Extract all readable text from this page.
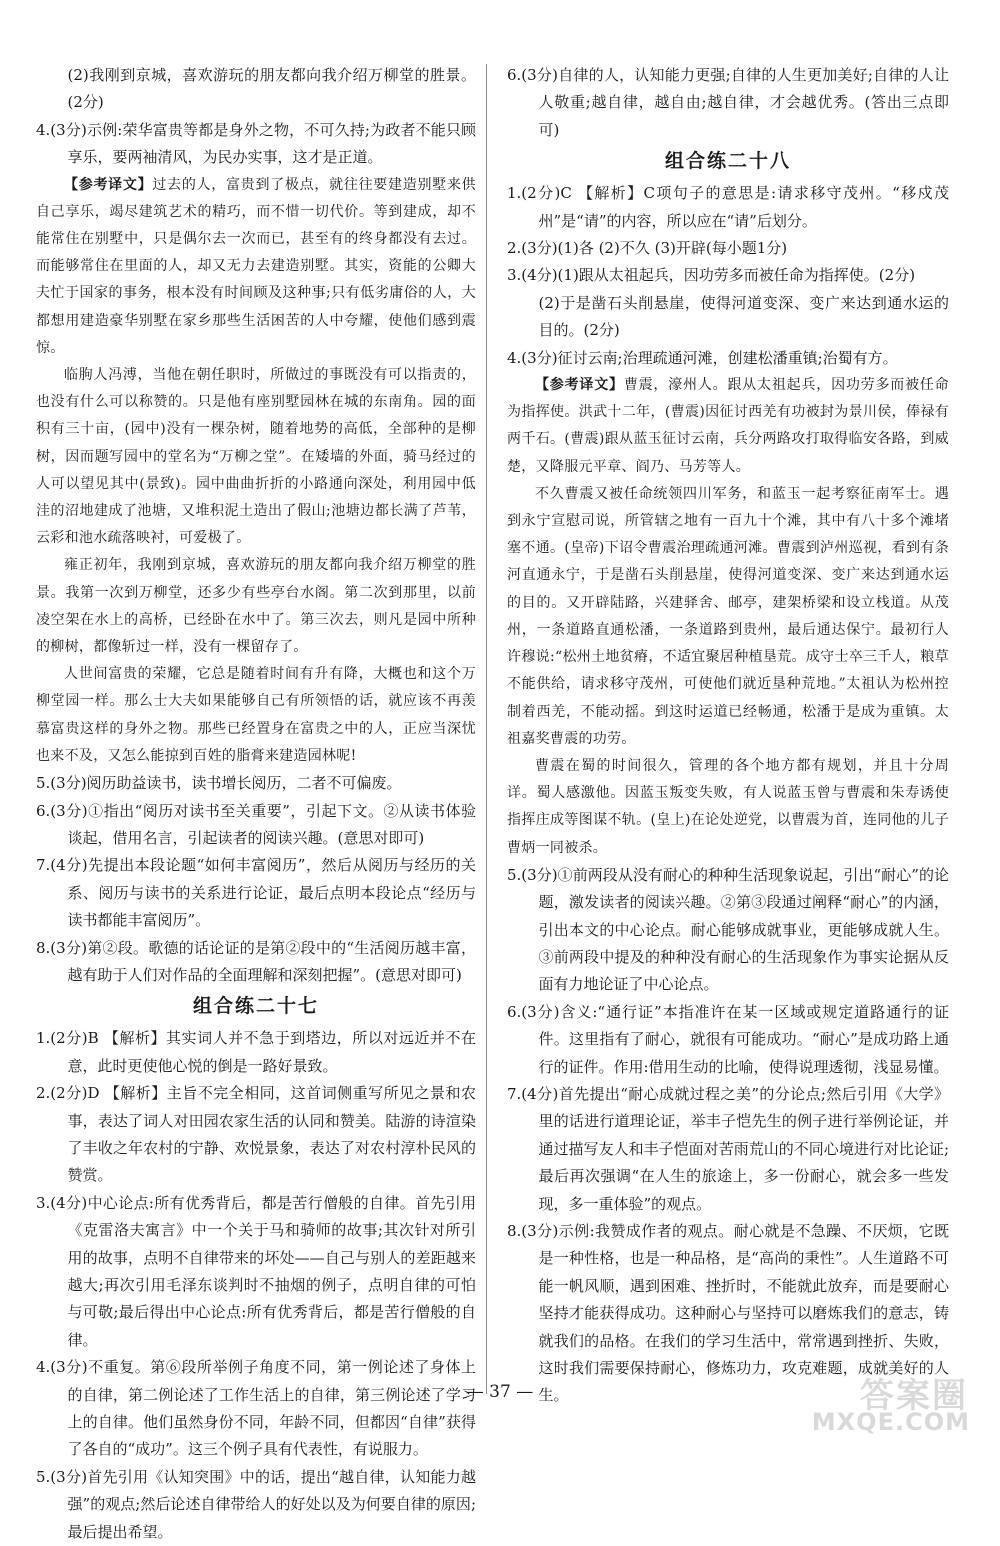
(2)我刚到京城，喜欢游玩的朋友都向我介绍万柳堂的胜景。(2分)

4.(3分)示例:荣华富贵等都是身外之物，不可久持;为政者不能只顾享乐，要两袖清风，为民办实事，这才是正道。

【参考译文】过去的人，富贵到了极点，就往往要建造别墅来供自己享乐，竭尽建筑艺术的精巧，而不惜一切代价。等到建成，却不能常住在别墅中，只是偶尔去一次而已，甚至有的终身都没有去过。而能够常住在里面的人，却又无力去建造别墅。其实，资能的公卿大夫忙于国家的事务，根本没有时间顾及这种事;只有低劣庸俗的人，大都想用建造豪华别墅在家乡那些生活困苦的人中夸耀，使他们感到震惊。

临朐人冯溥，当他在朝任职时，所做过的事既没有可以指责的，也没有什么可以称赞的。只是他有座别墅园林在城的东南角。园的面积有三十亩，(园中)没有一棵杂树，随着地势的高低，全部种的是柳树，因而题写园中的堂名为“万柳之堂”。在矮墙的外面，骑马经过的人可以望见其中(景致)。园中曲曲折折的小路通向深处，利用园中低洼的沼地建成了池塘，又堆积泥土造出了假山;池塘边都长满了芦苇，云彩和池水疏落映衬，可爱极了。

雍正初年，我刚到京城，喜欢游玩的朋友都向我介绍万柳堂的胜景。我第一次到万柳堂，还多少有些亭台水阁。第二次到那里，以前凌空架在水上的高桥，已经卧在水中了。第三次去，则凡是园中所种的柳树，都像斩过一样，没有一棵留存了。

人世间富贵的荣耀，它总是随着时间有升有降，大概也和这个万柳堂园一样。那么士大夫如果能够自己有所领悟的话，就应该不再羡慕富贵这样的身外之物。那些已经置身在富贵之中的人，正应当深忧也来不及，又怎么能掠到百姓的脂膏来建造园林呢!

5.(3分)阅历助益读书，读书增长阅历，二者不可偏废。

6.(3分)①指出“阅历对读书至关重要”，引起下文。②从读书体验谈起，借用名言，引起读者的阅读兴趣。(意思对即可)

7.(4分)先提出本段论题“如何丰富阅历”，然后从阅历与经历的关系、阅历与读书的关系进行论证，最后点明本段论点“经历与读书都能丰富阅历”。

8.(3分)第②段。歌德的话论证的是第②段中的“生活阅历越丰富，越有助于人们对作品的全面理解和深刻把握”。(意思对即可)

组合练二十七

1.(2分)B 【解析】其实词人并不急于到塔边，所以对远近并不在意，此时更使他心悦的倒是一路好景致。

2.(2分)D 【解析】主旨不完全相同，这首词侧重写所见之景和农事，表达了词人对田园农家生活的认同和赞美。陆游的诗渲染了丰收之年农村的宁静、欢悦景象，表达了对农村淳朴民风的赞赏。

3.(4分)中心论点:所有优秀背后，都是苦行僧般的自律。首先引用《克雷洛夫寓言》中一个关于马和骑师的故事;其次针对所引用的故事，点明不自律带来的坏处——自己与别人的差距越来越大;再次引用毛泽东谈判时不抽烟的例子，点明自律的可怕与可敬;最后得出中心论点:所有优秀背后，都是苦行僧般的自律。

4.(3分)不重复。第⑥段所举例子角度不同，第一例论述了身体上的自律，第二例论述了工作生活上的自律，第三例论述了学习上的自律。他们虽然身份不同，年龄不同，但都因“自律”获得了各自的“成功”。这三个例子具有代表性，有说服力。

5.(3分)首先引用《认知突围》中的话，提出“越自律，认知能力越强”的观点;然后论述自律带给人的好处以及为何要自律的原因;最后提出希望。

6.(3分)自律的人，认知能力更强;自律的人生更加美好;自律的人让人敬重;越自律，越自由;越自律，才会越优秀。(答出三点即可)

组合练二十八

1.(2分)C 【解析】C项句子的意思是:请求移守茂州。“移戍茂州”是“请”的内容，所以应在“请”后划分。

2.(3分)(1)各 (2)不久 (3)开辟(每小题1分)

3.(4分)(1)跟从太祖起兵，因功劳多而被任命为指挥使。(2分)

(2)于是凿石头削悬崖，使得河道变深、变广来达到通水运的目的。(2分)

4.(3分)征讨云南;治理疏通河滩，创建松潘重镇;治蜀有方。

【参考译文】曹震，濠州人。跟从太祖起兵，因功劳多而被任命为指挥使。洪武十二年，(曹震)因征讨西羌有功被封为景川侯，俸禄有两千石。(曹震)跟从蓝玉征讨云南，兵分两路攻打取得临安各路，到威楚，又降服元平章、阎乃、马芳等人。

不久曹震又被任命统领四川军务，和蓝玉一起考察征南军士。遇到永宁宣慰司说，所管辖之地有一百九十个滩，其中有八十多个滩堵塞不通。(皇帝)下诏令曹震治理疏通河滩。曹震到泸州巡视，看到有条河直通永宁，于是凿石头削悬崖，使得河道变深、变广来达到通水运的目的。又开辟陆路，兴建驿舍、邮亭，建架桥梁和设立栈道。从茂州，一条道路直通松潘，一条道路到贵州，最后通达保宁。最初行人许穆说:“松州土地贫瘠，不适宜聚居种植垦荒。成守士卒三千人，粮草不能供给，请求移守茂州，可使他们就近垦种荒地。”太祖认为松州控制着西羌，不能动摇。到这时运道已经畅通，松潘于是成为重镇。太祖嘉奖曹震的功劳。

曹震在蜀的时间很久，管理的各个地方都有规划，并且十分周详。蜀人感激他。因蓝玉叛变失败，有人说蓝玉曾与曹震和朱寿诱使指挥庄成等图谋不轨。(皇上)在论处逆党，以曹震为首，连同他的儿子曹炳一同被杀。

5.(3分)①前两段从没有耐心的种种生活现象说起，引出“耐心”的论题，激发读者的阅读兴趣。②第③段通过阐释“耐心”的内涵，引出本文的中心论点。耐心能够成就事业，更能够成就人生。③前两段中提及的种种没有耐心的生活现象作为事实论据从反面有力地论证了中心论点。

6.(3分)含义:“通行证”本指准许在某一区域或规定道路通行的证件。这里指有了耐心，就很有可能成功。“耐心”是成功路上通行的证件。作用:借用生动的比喻，使得说理透彻，浅显易懂。

7.(4分)首先提出“耐心成就过程之美”的分论点;然后引用《大学》里的话进行道理论证，举丰子恺先生的例子进行举例论证，并通过描写友人和丰子恺面对苦雨荒山的不同心境进行对比论证;最后再次强调“在人生的旅途上，多一份耐心，就会多一些发现，多一重体验”的观点。

8.(3分)示例:我赞成作者的观点。耐心就是不急躁、不厌烦，它既是一种性格，也是一种品格，是“高尚的秉性”。人生道路不可能一帆风顺，遇到困难、挫折时，不能就此放弃，而是要耐心坚持才能获得成功。这种耐心与坚持可以磨炼我们的意志，铸就我们的品格。在我们的学习生活中，常常遇到挫折、失败，这时我们需要保持耐心，修炼功力，攻克难题，成就美好的人生。

— 37 —	答案圈
MXQE.COM
